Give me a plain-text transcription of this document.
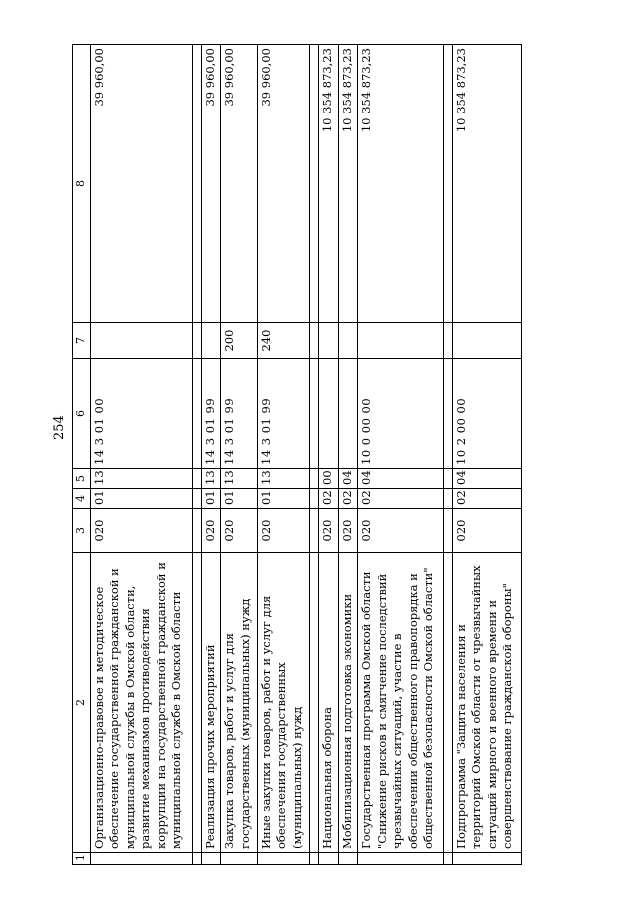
254
1	2	3	4	5	6	7	8
	Организационно-правовое и методическое обеспечение государственной гражданской и муниципальной службы в Омской области, развитие механизмов противодействия коррупции на государственной гражданской и муниципальной службе в Омской области	020	01	13	14 3 01 00		39 960,00

	Реализация прочих мероприятий	020	01	13	14 3 01 99		39 960,00
	Закупка товаров, работ и услуг для государственных (муниципальных) нужд	020	01	13	14 3 01 99	200	39 960,00
	Иные закупки товаров, работ и услуг для обеспечения государственных (муниципальных) нужд	020	01	13	14 3 01 99	240	39 960,00

	Национальная оборона	020	02	00			10 354 873,23
	Мобилизационная подготовка экономики	020	02	04			10 354 873,23
	Государственная программа Омской области "Снижение рисков и смягчение последствий чрезвычайных ситуаций, участие в обеспечении общественного правопорядка и общественной безопасности Омской области"	020	02	04	10 0 00 00		10 354 873,23

	Подпрограмма "Защита населения и территорий Омской области от чрезвычайных ситуаций мирного и военного времени и совершенствование гражданской обороны"	020	02	04	10 2 00 00		10 354 873,23
